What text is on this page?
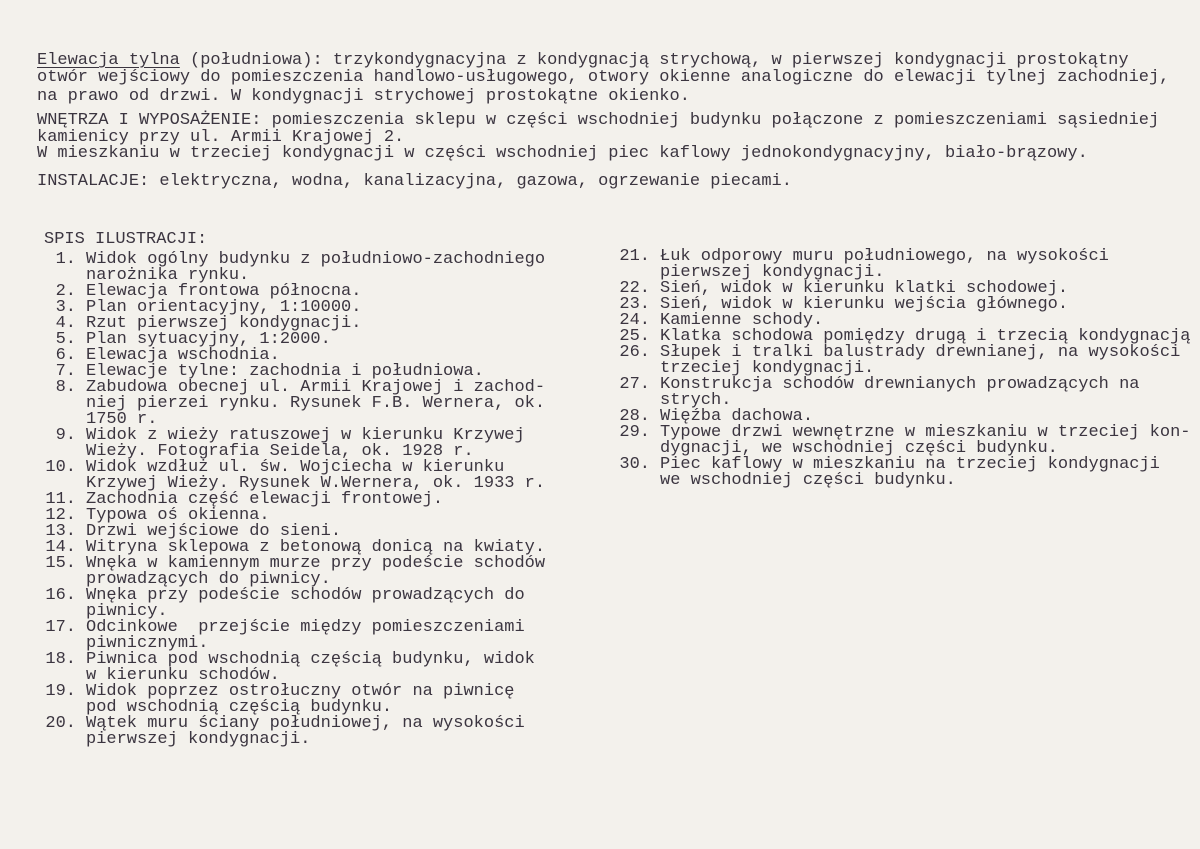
Elewacja tylna (południowa): trzykondygnacyjna z kondygnacją strychową, w pierwszej kondygnacji prostokątny
otwór wejściowy do pomieszczenia handlowo-usługowego, otwory okienne analogiczne do elewacji tylnej zachodniej,
na prawo od drzwi. W kondygnacji strychowej prostokątne okienko.
WNĘTRZA I WYPOSAŻENIE: pomieszczenia sklepu w części wschodniej budynku połączone z pomieszczeniami sąsiedniej
kamienicy przy ul. Armii Krajowej 2.
W mieszkaniu w trzeciej kondygnacji w części wschodniej piec kaflowy jednokondygnacyjny, biało-brązowy.
INSTALACJE: elektryczna, wodna, kanalizacyjna, gazowa, ogrzewanie piecami.
SPIS ILUSTRACJI:
1. Widok ogólny budynku z południowo-zachodniego
narożnika rynku.
2. Elewacja frontowa północna.
3. Plan orientacyjny, 1:10000.
4. Rzut pierwszej kondygnacji.
5. Plan sytuacyjny, 1:2000.
6. Elewacja wschodnia.
7. Elewacje tylne: zachodnia i południowa.
8. Zabudowa obecnej ul. Armii Krajowej i zachod-
niej pierzei rynku. Rysunek F.B. Wernera, ok.
1750 r.
9. Widok z wieży ratuszowej w kierunku Krzywej
Wieży. Fotografia Seidela, ok. 1928 r.
10. Widok wzdłuż ul. św. Wojciecha w kierunku
Krzywej Wieży. Rysunek W.Wernera, ok. 1933 r.
11. Zachodnia część elewacji frontowej.
12. Typowa oś okienna.
13. Drzwi wejściowe do sieni.
14. Witryna sklepowa z betonową donicą na kwiaty.
15. Wnęka w kamiennym murze przy podeście schodów
prowadzących do piwnicy.
16. Wnęka przy podeście schodów prowadzących do
piwnicy.
17. Odcinkowe  przejście między pomieszczeniami
piwnicznymi.
18. Piwnica pod wschodnią częścią budynku, widok
w kierunku schodów.
19. Widok poprzez ostrołuczny otwór na piwnicę
pod wschodnią częścią budynku.
20. Wątek muru ściany południowej, na wysokości
pierwszej kondygnacji.
21. Łuk odporowy muru południowego, na wysokości
pierwszej kondygnacji.
22. Sień, widok w kierunku klatki schodowej.
23. Sień, widok w kierunku wejścia głównego.
24. Kamienne schody.
25. Klatka schodowa pomiędzy drugą i trzecią kondygnacją
26. Słupek i tralki balustrady drewnianej, na wysokości
trzeciej kondygnacji.
27. Konstrukcja schodów drewnianych prowadzących na
strych.
28. Więźba dachowa.
29. Typowe drzwi wewnętrzne w mieszkaniu w trzeciej kon-
dygnacji, we wschodniej części budynku.
30. Piec kaflowy w mieszkaniu na trzeciej kondygnacji
we wschodniej części budynku.
